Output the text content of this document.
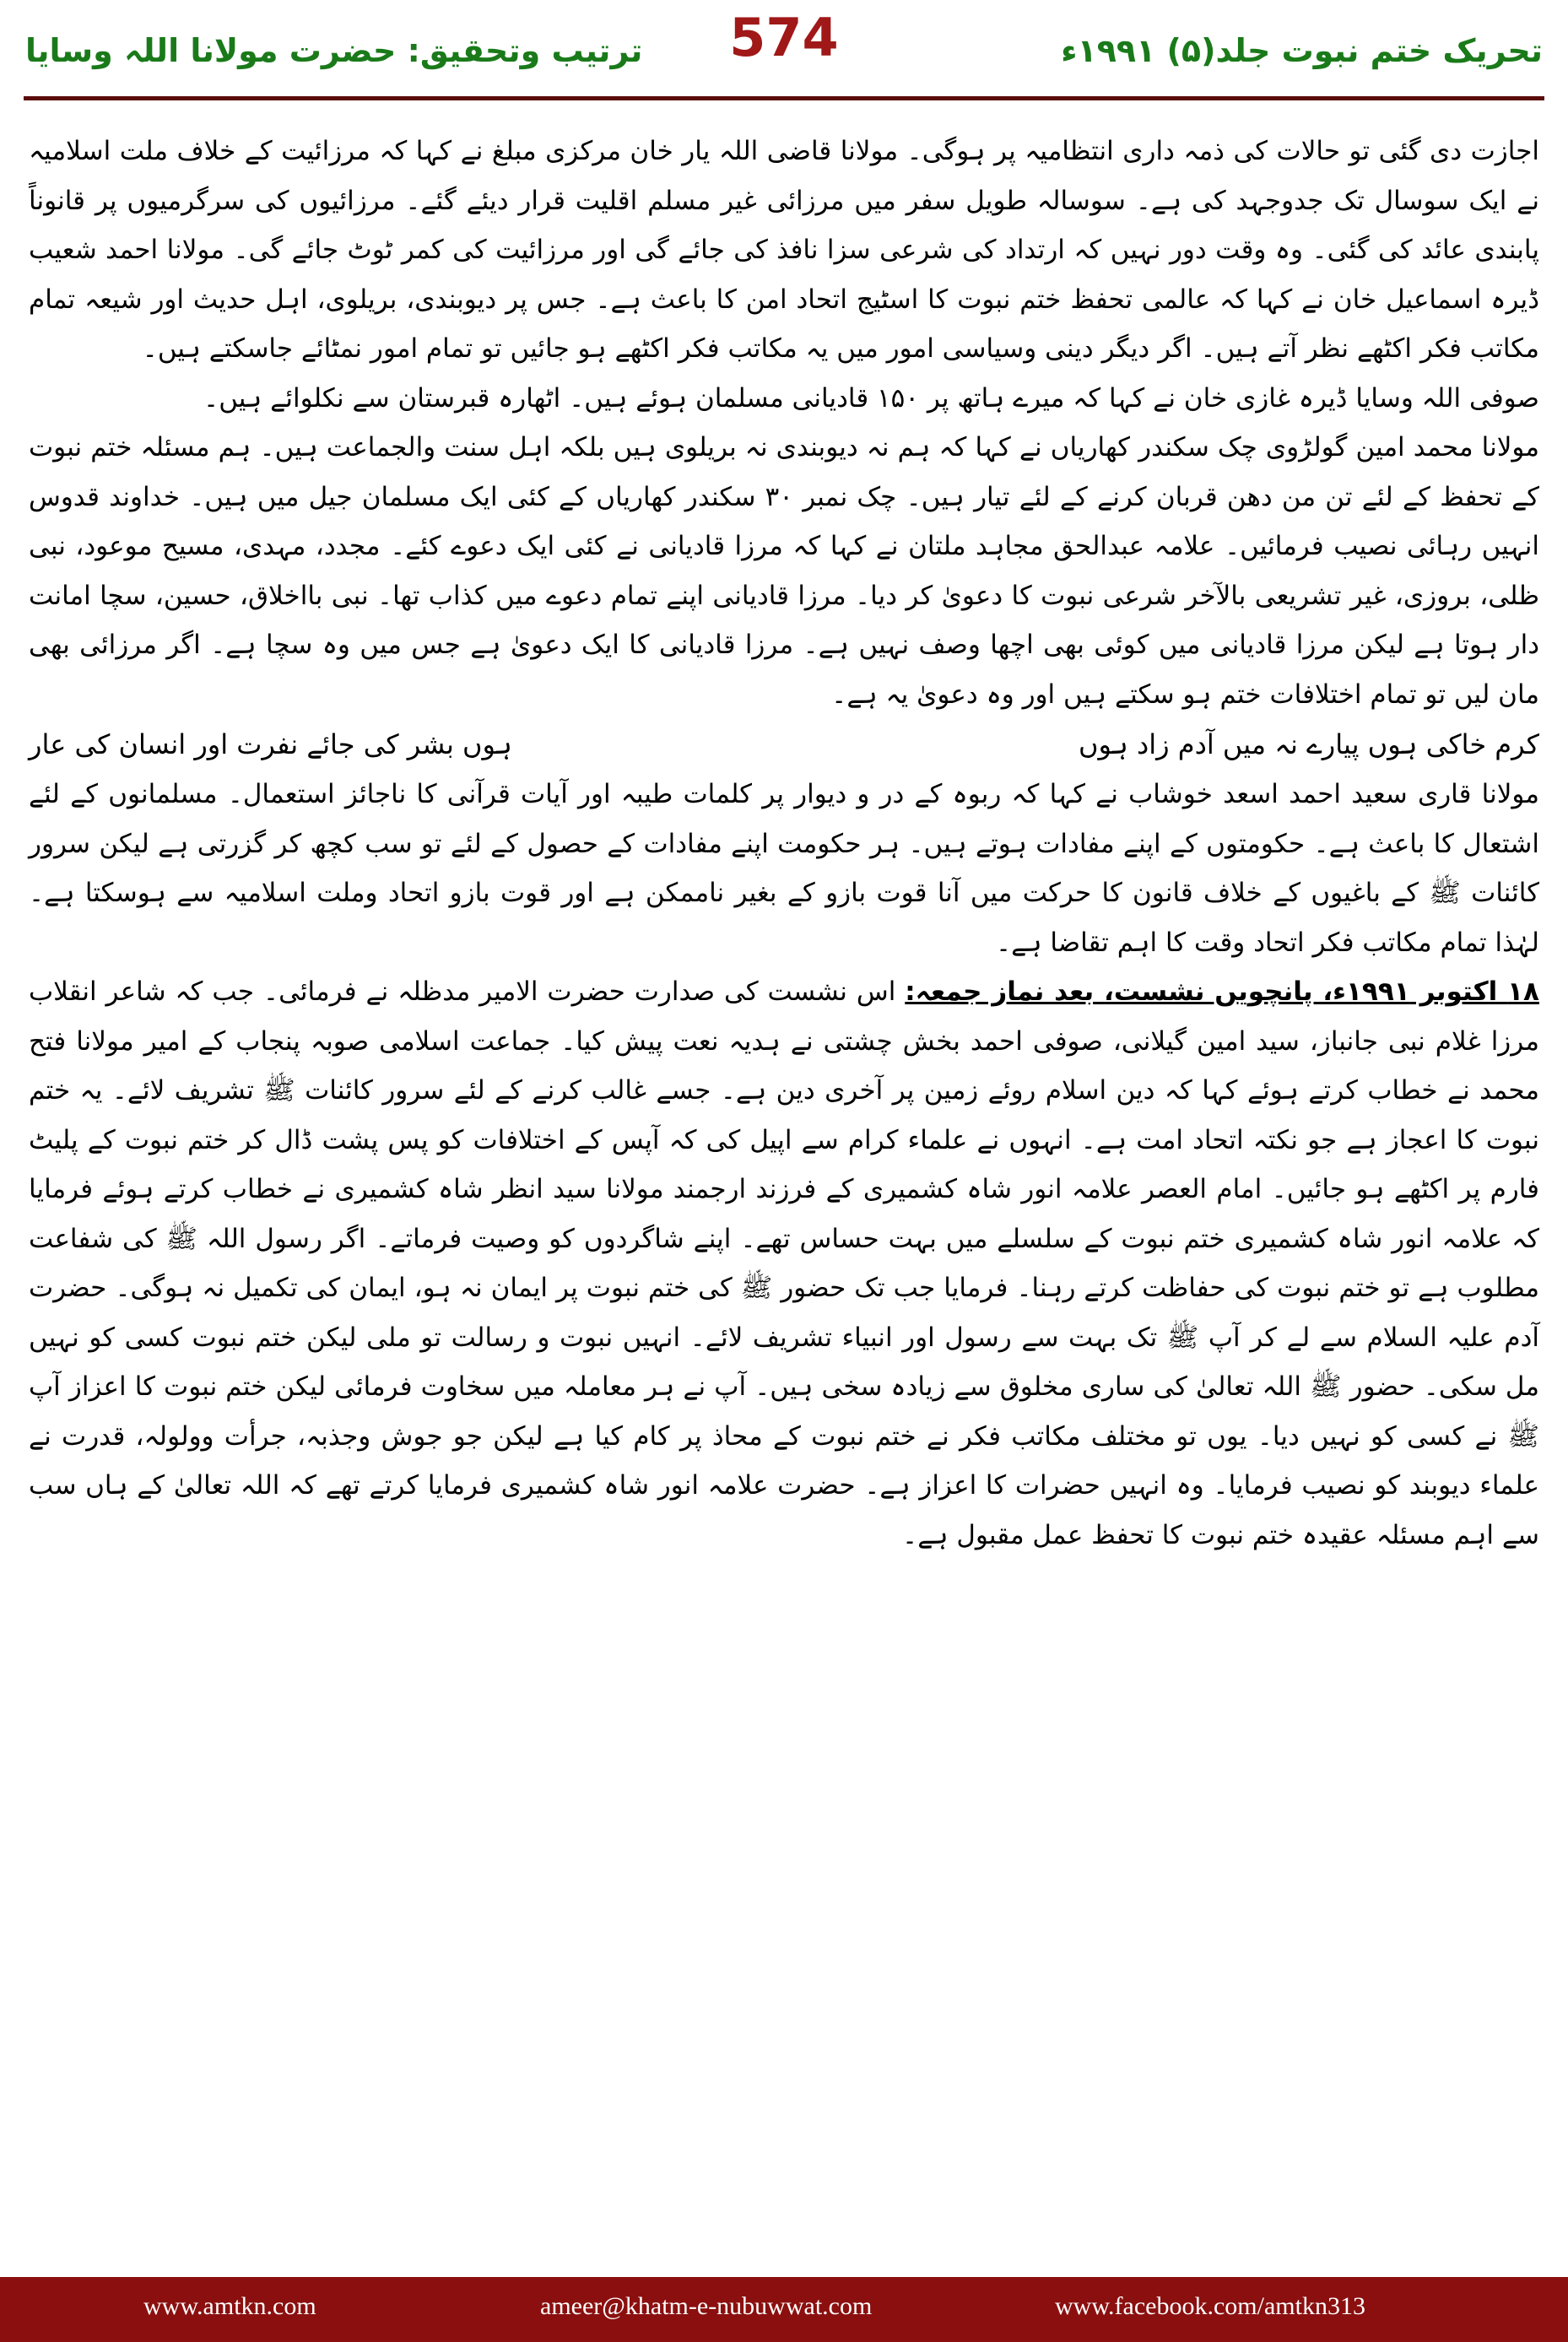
تحریک ختم نبوت جلد(۵) ۱۹۹۱ء
574
ترتیب وتحقیق: حضرت مولانا اللہ وسایا

اجازت دی گئی تو حالات کی ذمہ داری انتظامیہ پر ہوگی۔ مولانا قاضی اللہ یار خان مرکزی مبلغ نے کہا کہ مرزائیت کے خلاف ملت اسلامیہ نے ایک سوسال تک جدوجہد کی ہے۔ سوسالہ طویل سفر میں مرزائی غیر مسلم اقلیت قرار دیئے گئے۔ مرزائیوں کی سرگرمیوں پر قانوناً پابندی عائد کی گئی۔ وہ وقت دور نہیں کہ ارتداد کی شرعی سزا نافذ کی جائے گی اور مرزائیت کی کمر ٹوٹ جائے گی۔ مولانا احمد شعیب ڈیرہ اسماعیل خان نے کہا کہ عالمی تحفظ ختم نبوت کا اسٹیج اتحاد امن کا باعث ہے۔ جس پر دیوبندی، بریلوی، اہل حدیث اور شیعہ تمام مکاتب فکر اکٹھے نظر آتے ہیں۔ اگر دیگر دینی وسیاسی امور میں یہ مکاتب فکر اکٹھے ہو جائیں تو تمام امور نمٹائے جاسکتے ہیں۔

صوفی اللہ وسایا ڈیرہ غازی خان نے کہا کہ میرے ہاتھ پر ۱۵۰ قادیانی مسلمان ہوئے ہیں۔ اٹھارہ قبرستان سے نکلوائے ہیں۔

مولانا محمد امین گولڑوی چک سکندر کھاریاں نے کہا کہ ہم نہ دیوبندی نہ بریلوی ہیں بلکہ اہل سنت والجماعت ہیں۔ ہم مسئلہ ختم نبوت کے تحفظ کے لئے تن من دھن قربان کرنے کے لئے تیار ہیں۔ چک نمبر ۳۰ سکندر کھاریاں کے کئی ایک مسلمان جیل میں ہیں۔ خداوند قدوس انہیں رہائی نصیب فرمائیں۔ علامہ عبدالحق مجاہد ملتان نے کہا کہ مرزا قادیانی نے کئی ایک دعوے کئے۔ مجدد، مہدی، مسیح موعود، نبی ظلی، بروزی، غیر تشریعی بالآخر شرعی نبوت کا دعویٰ کر دیا۔ مرزا قادیانی اپنے تمام دعوے میں کذاب تھا۔ نبی بااخلاق، حسین، سچا امانت دار ہوتا ہے لیکن مرزا قادیانی میں کوئی بھی اچھا وصف نہیں ہے۔ مرزا قادیانی کا ایک دعویٰ ہے جس میں وہ سچا ہے۔ اگر مرزائی بھی مان لیں تو تمام اختلافات ختم ہو سکتے ہیں اور وہ دعویٰ یہ ہے۔

کرم خاکی ہوں پیارے نہ میں آدم زاد ہوں
ہوں بشر کی جائے نفرت اور انسان کی عار

مولانا قاری سعید احمد اسعد خوشاب نے کہا کہ ربوہ کے در و دیوار پر کلمات طیبہ اور آیات قرآنی کا ناجائز استعمال۔ مسلمانوں کے لئے اشتعال کا باعث ہے۔ حکومتوں کے اپنے مفادات ہوتے ہیں۔ ہر حکومت اپنے مفادات کے حصول کے لئے تو سب کچھ کر گزرتی ہے لیکن سرور کائنات ﷺ کے باغیوں کے خلاف قانون کا حرکت میں آنا قوت بازو کے بغیر ناممکن ہے اور قوت بازو اتحاد وملت اسلامیہ سے ہوسکتا ہے۔ لہٰذا تمام مکاتب فکر اتحاد وقت کا اہم تقاضا ہے۔

۱۸ اکتوبر ۱۹۹۱ء، پانچویں نشست، بعد نماز جمعہ: اس نشست کی صدارت حضرت الامیر مدظلہ نے فرمائی۔ جب کہ شاعر انقلاب مرزا غلام نبی جانباز، سید امین گیلانی، صوفی احمد بخش چشتی نے ہدیہ نعت پیش کیا۔ جماعت اسلامی صوبہ پنجاب کے امیر مولانا فتح محمد نے خطاب کرتے ہوئے کہا کہ دین اسلام روئے زمین پر آخری دین ہے۔ جسے غالب کرنے کے لئے سرور کائنات ﷺ تشریف لائے۔ یہ ختم نبوت کا اعجاز ہے جو نکتہ اتحاد امت ہے۔ انہوں نے علماء کرام سے اپیل کی کہ آپس کے اختلافات کو پس پشت ڈال کر ختم نبوت کے پلیٹ فارم پر اکٹھے ہو جائیں۔ امام العصر علامہ انور شاہ کشمیری کے فرزند ارجمند مولانا سید انظر شاہ کشمیری نے خطاب کرتے ہوئے فرمایا کہ علامہ انور شاہ کشمیری ختم نبوت کے سلسلے میں بہت حساس تھے۔ اپنے شاگردوں کو وصیت فرماتے۔ اگر رسول اللہ ﷺ کی شفاعت مطلوب ہے تو ختم نبوت کی حفاظت کرتے رہنا۔ فرمایا جب تک حضور ﷺ کی ختم نبوت پر ایمان نہ ہو، ایمان کی تکمیل نہ ہوگی۔ حضرت آدم علیہ السلام سے لے کر آپ ﷺ تک بہت سے رسول اور انبیاء تشریف لائے۔ انہیں نبوت و رسالت تو ملی لیکن ختم نبوت کسی کو نہیں مل سکی۔ حضور ﷺ اللہ تعالیٰ کی ساری مخلوق سے زیادہ سخی ہیں۔ آپ نے ہر معاملہ میں سخاوت فرمائی لیکن ختم نبوت کا اعزاز آپ ﷺ نے کسی کو نہیں دیا۔ یوں تو مختلف مکاتب فکر نے ختم نبوت کے محاذ پر کام کیا ہے لیکن جو جوش وجذبہ، جرأت وولولہ، قدرت نے علماء دیوبند کو نصیب فرمایا۔ وہ انہیں حضرات کا اعزاز ہے۔ حضرت علامہ انور شاہ کشمیری فرمایا کرتے تھے کہ اللہ تعالیٰ کے ہاں سب سے اہم مسئلہ عقیدہ ختم نبوت کا تحفظ عمل مقبول ہے۔

www.amtkn.com	ameer@khatm-e-nubuwwat.com	www.facebook.com/amtkn313
